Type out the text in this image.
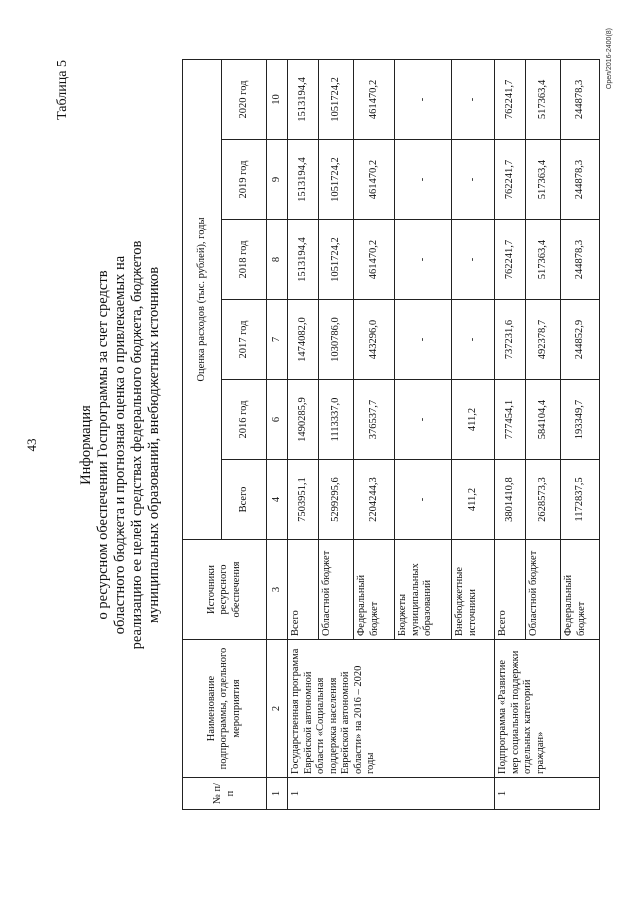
43
Таблица 5
Информация о ресурсном обеспечении Госпрограммы за счет средств областного бюджета и прогнозная оценка о привлекаемых на реализацию ее целей средствах федерального бюджета, бюджетов муниципальных образований, внебюджетных источников
№ п/п	Наименование подпрограммы, отдельного мероприятия	Источники ресурсного обеспечения	Оценка расходов (тыс. рублей), годы					
			Всего	2016 год	2017 год	2018 год	2019 год	2020 год
1	2	3	4	6	7	8	9	10
1	Государственная программа Еврейской автономной области «Социальная поддержка населения Еврейской автономной области» на 2016 – 2020 годы	Всего	7503951,1	1490285,9	1474082,0	1513194,4	1513194,4	1513194,4
		Областной бюджет	5299295,6	1113337,0	1030786,0	1051724,2	1051724,2	1051724,2
		Федеральный бюджет	2204244,3	376537,7	443296,0	461470,2	461470,2	461470,2
		Бюджеты муниципальных образований	-	-	-	-	-	-
		Внебюджетные источники	411,2	411,2	-	-	-	-
1	Подпрограмма «Развитие мер социальной поддержки отдельных категорий граждан»	Всего	3801410,8	777454,1	737231,6	762241,7	762241,7	762241,7
		Областной бюджет	2628573,3	584104,4	492378,7	517363,4	517363,4	517363,4
		Федеральный бюджет	1172837,5	193349,7	244852,9	244878,3	244878,3	244878,3
Орел/2016-2400(8)
